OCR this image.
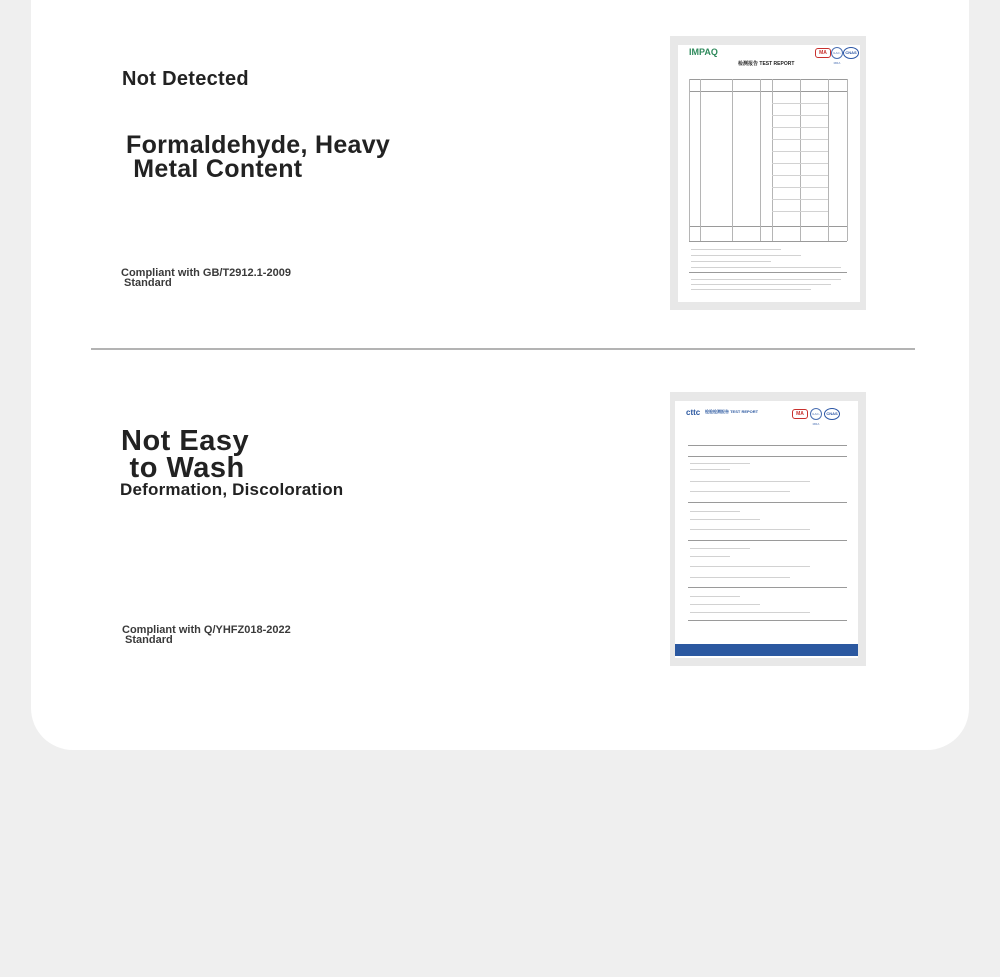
Not Detected
Formaldehyde, Heavy
Metal Content
Compliant with GB/T2912.1-2009
Standard
IMPAQ	MA	ILAC-MRA
CNAS
检测报告 TEST REPORT
Not Easy
to Wash
Deformation, Discoloration
Compliant with Q/YHFZ018-2022
Standard
cttc 检验检测报告 TEST REPORT	MA	ILAC-MRA
CNAS
